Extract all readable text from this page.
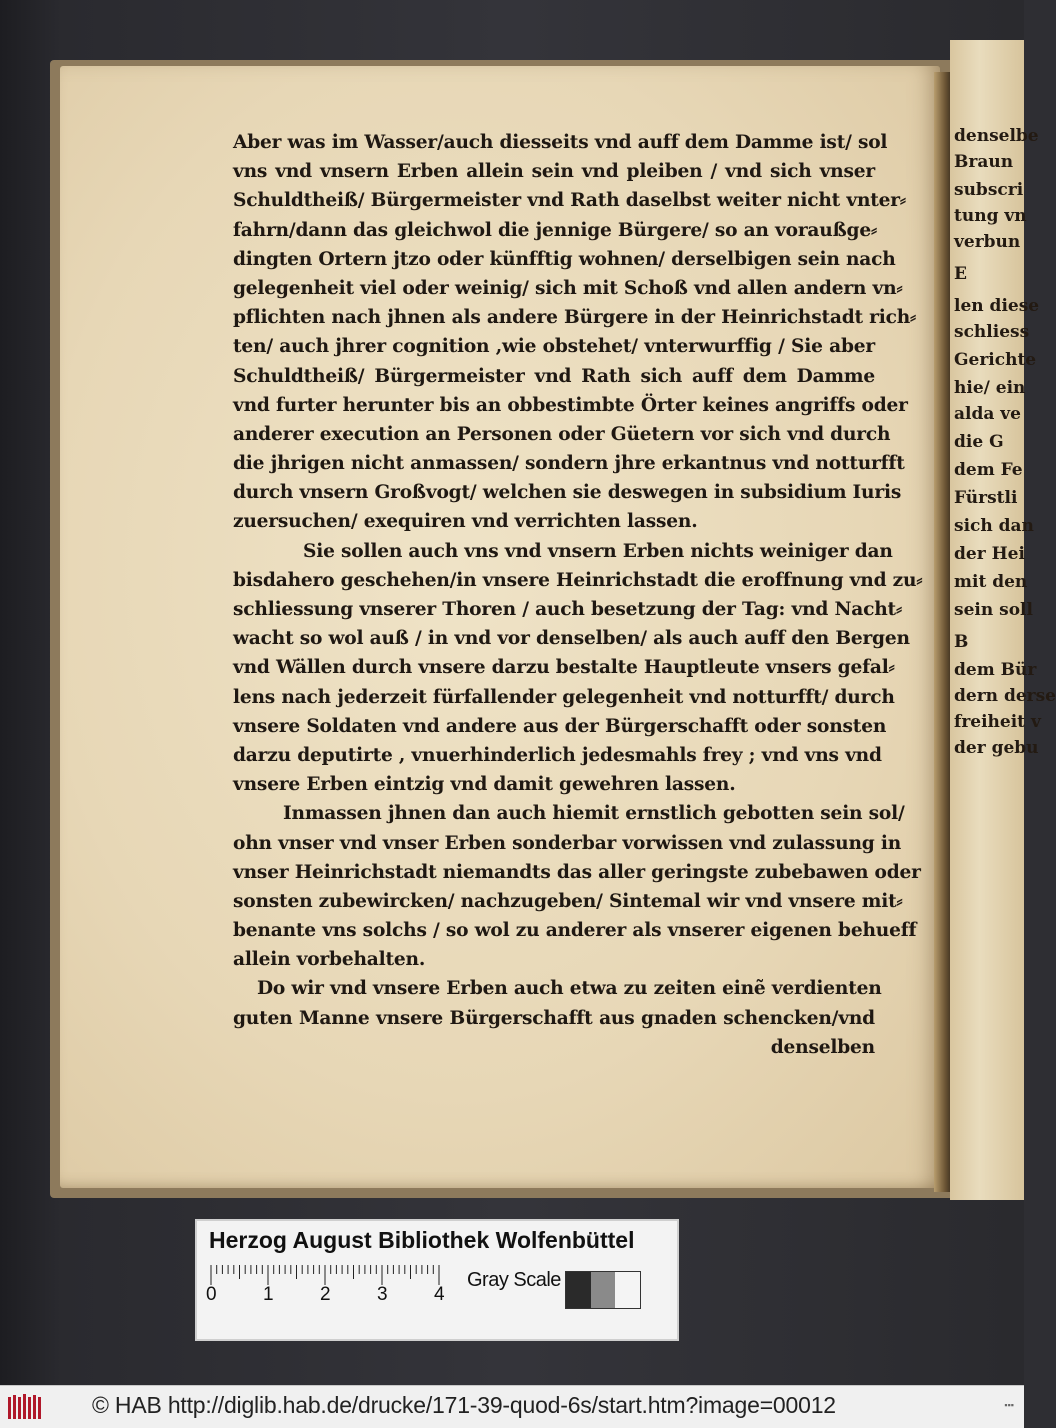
denselbe
Braun
subscri
tung vn
verbun
E
len diese
schliess
Gerichte
hie/ ein
alda ve
die G
dem Fe
Fürstli
sich dan
der Hei
mit den
sein soll
B
dem Bür
dern derse
freiheit v
der gebu
Aber was im Wasser/auch diesseits vnd auff dem Damme ist/ sol
vns vnd vnsern Erben allein sein vnd pleiben / vnd sich vnser
Schuldtheiß/ Bürgermeister vnd Rath daselbst weiter nicht vnter⸗
fahrn/dann das gleichwol die jennige Bürgere/ so an voraußge⸗
dingten Ortern jtzo oder künfftig wohnen/ derselbigen sein nach
gelegenheit viel oder weinig/ sich mit Schoß vnd allen andern vn⸗
pflichten nach jhnen als andere Bürgere in der Heinrichstadt rich⸗
ten/ auch jhrer cognition ,wie obstehet/ vnterwurffig / Sie aber
Schuldtheiß/ Bürgermeister vnd Rath sich auff dem Damme
vnd furter herunter bis an obbestimbte Örter keines angriffs oder
anderer execution an Personen oder Güetern vor sich vnd durch
die jhrigen nicht anmassen/ sondern jhre erkantnus vnd notturfft
durch vnsern Großvogt/ welchen sie deswegen in subsidium Iuris
zuersuchen/ exequiren vnd verrichten lassen.
Sie sollen auch vns vnd vnsern Erben nichts weiniger dan
bisdahero geschehen/in vnsere Heinrichstadt die eroffnung vnd zu⸗
schliessung vnserer Thoren / auch besetzung der Tag: vnd Nacht⸗
wacht so wol auß / in vnd vor denselben/ als auch auff den Bergen
vnd Wällen durch vnsere darzu bestalte Hauptleute vnsers gefal⸗
lens nach jederzeit fürfallender gelegenheit vnd notturfft/ durch
vnsere Soldaten vnd andere aus der Bürgerschafft oder sonsten
darzu deputirte , vnuerhinderlich jedesmahls frey ; vnd vns vnd
vnsere Erben eintzig vnd damit gewehren lassen.
Inmassen jhnen dan auch hiemit ernstlich gebotten sein sol/
ohn vnser vnd vnser Erben sonderbar vorwissen vnd zulassung in
vnser Heinrichstadt niemandts das aller geringste zubebawen oder
sonsten zubewircken/ nachzugeben/ Sintemal wir vnd vnsere mit⸗
benante vns solchs / so wol zu anderer als vnserer eigenen behueff
allein vorbehalten.
Do wir vnd vnsere Erben auch etwa zu zeiten einẽ verdienten
guten Manne vnsere Bürgerschafft aus gnaden schencken/vnd
denselben
Herzog August Bibliothek Wolfenbüttel
0 1 2 3 4
Gray Scale
© HAB http://diglib.hab.de/drucke/171-39-quod-6s/start.htm?image=00012	▪▪▪
